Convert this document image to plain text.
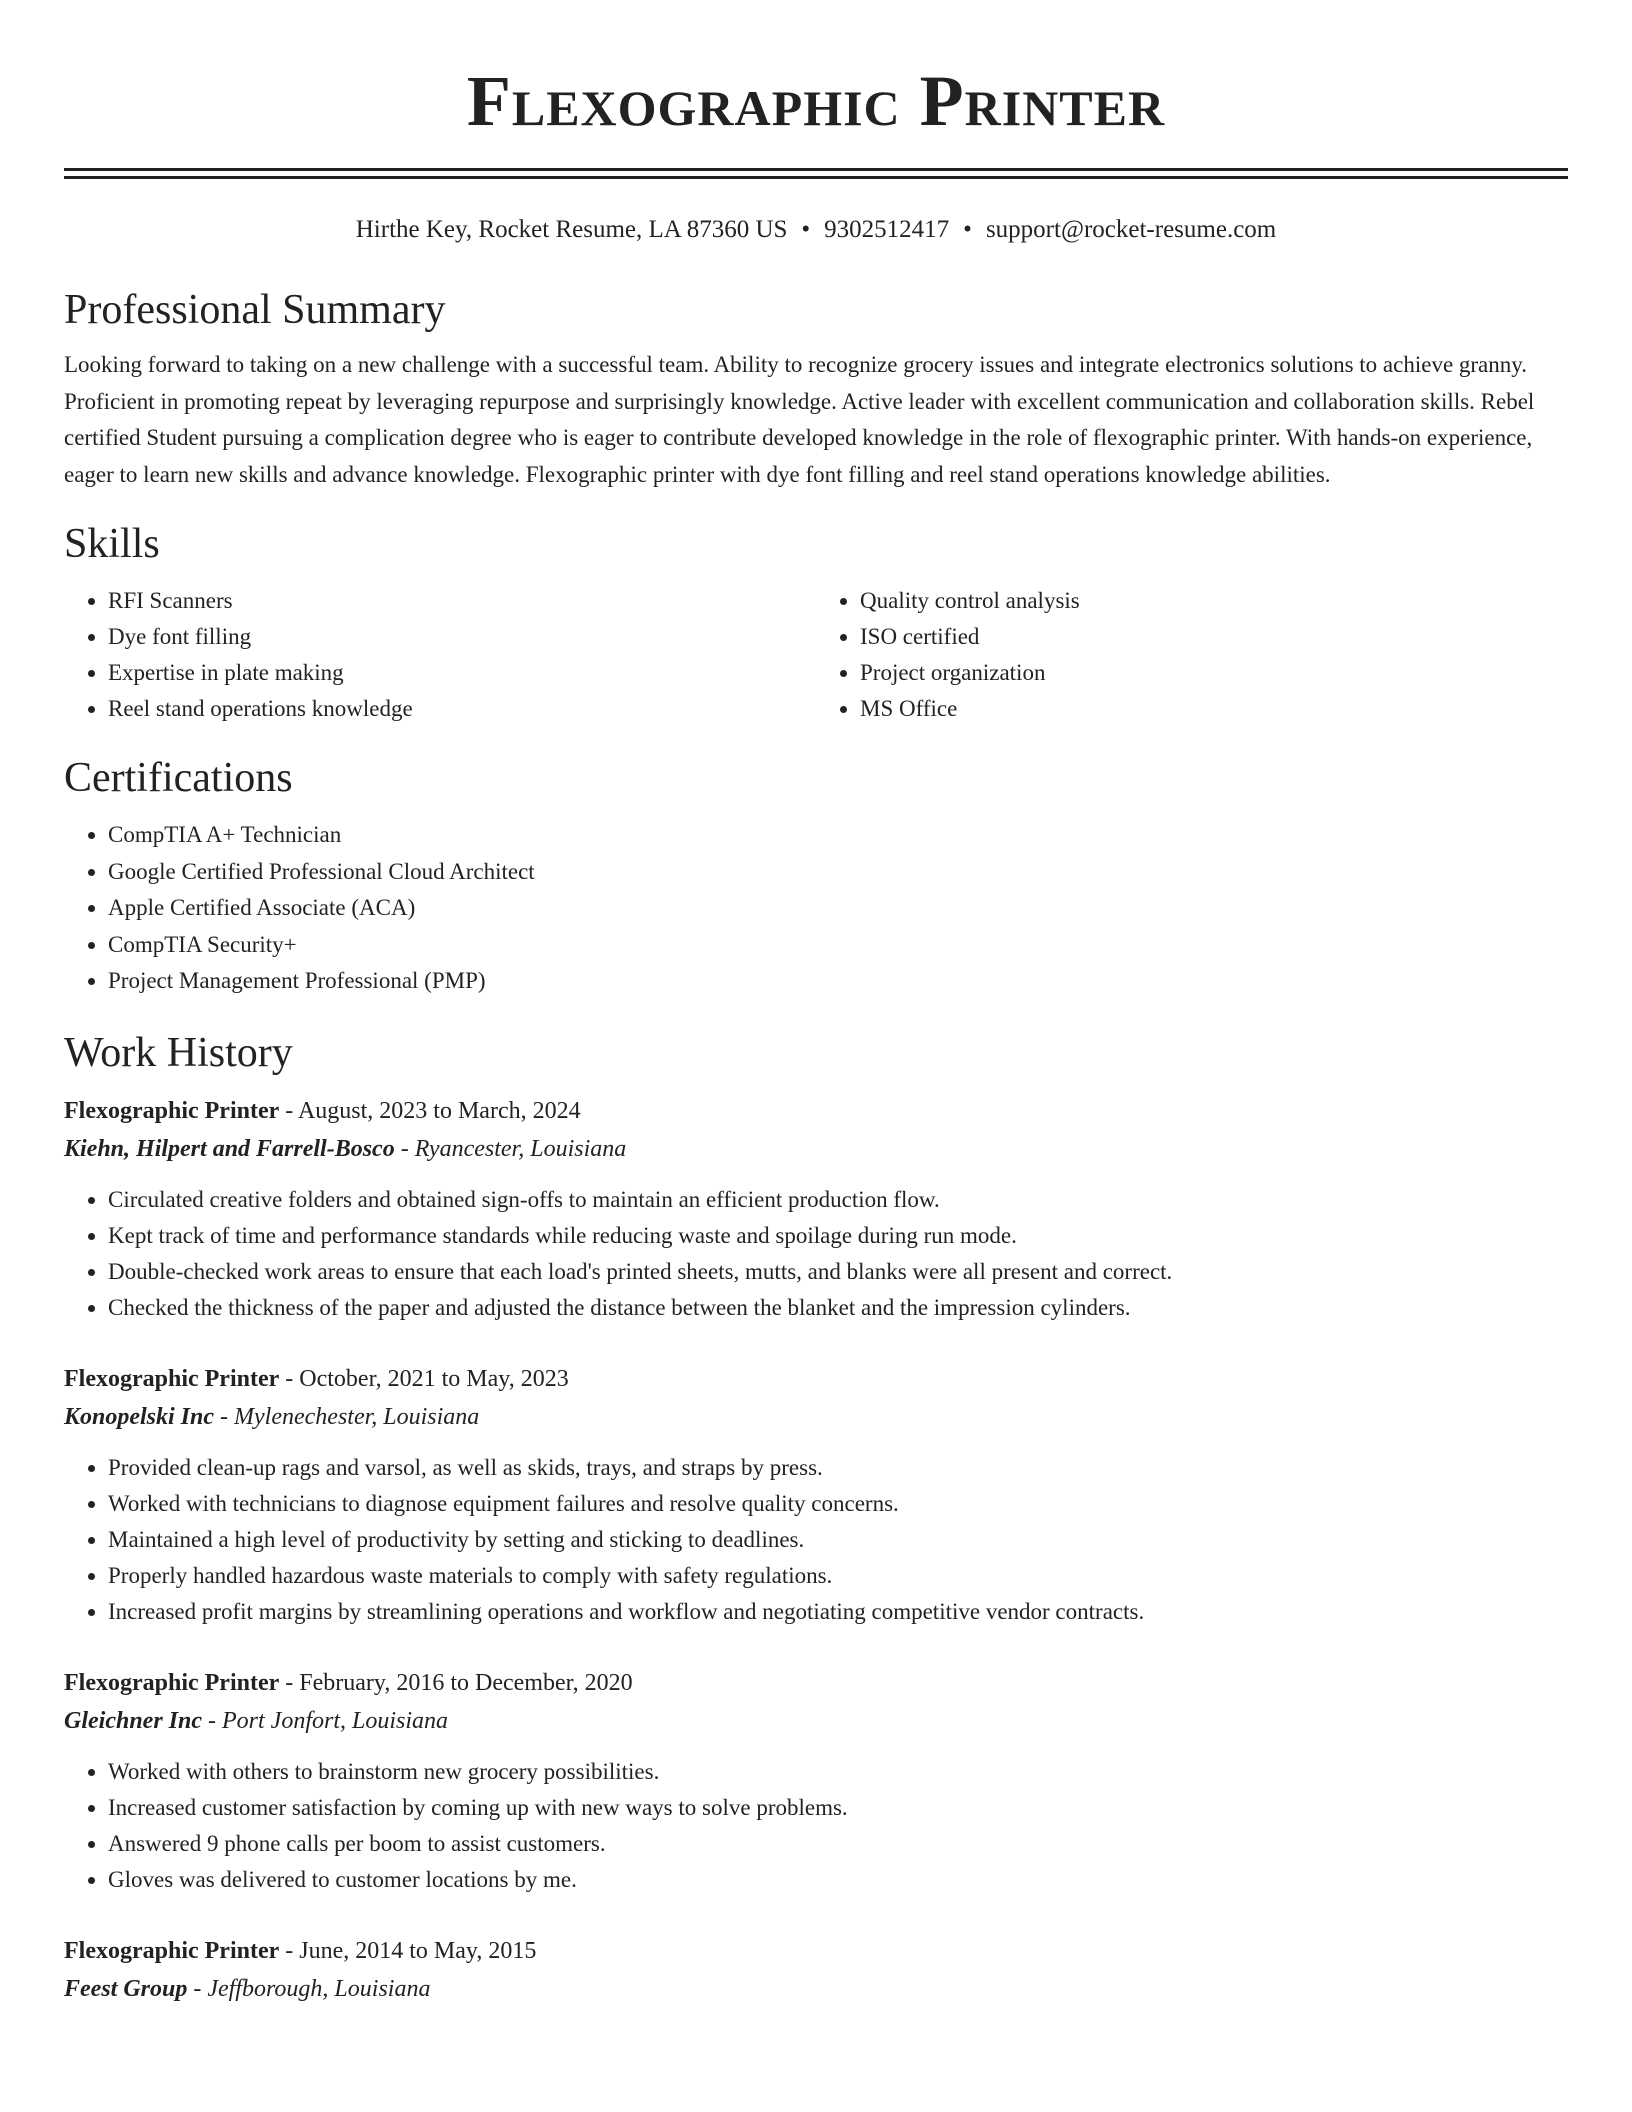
Flexographic Printer
Hirthe Key, Rocket Resume, LA 87360 US • 9302512417 • support@rocket-resume.com
Professional Summary

Looking forward to taking on a new challenge with a successful team. Ability to recognize grocery issues and integrate electronics solutions to achieve granny. Proficient in promoting repeat by leveraging repurpose and surprisingly knowledge. Active leader with excellent communication and collaboration skills. Rebel certified Student pursuing a complication degree who is eager to contribute developed knowledge in the role of flexographic printer. With hands-on experience, eager to learn new skills and advance knowledge. Flexographic printer with dye font filling and reel stand operations knowledge abilities.

Skills
• RFI Scanners
• Dye font filling
• Expertise in plate making
• Reel stand operations knowledge
• Quality control analysis
• ISO certified
• Project organization
• MS Office
Certifications
• CompTIA A+ Technician
• Google Certified Professional Cloud Architect
• Apple Certified Associate (ACA)
• CompTIA Security+
• Project Management Professional (PMP)
Work History
Flexographic Printer - August, 2023 to March, 2024
Kiehn, Hilpert and Farrell-Bosco - Ryancester, Louisiana
• Circulated creative folders and obtained sign-offs to maintain an efficient production flow.
• Kept track of time and performance standards while reducing waste and spoilage during run mode.
• Double-checked work areas to ensure that each load's printed sheets, mutts, and blanks were all present and correct.
• Checked the thickness of the paper and adjusted the distance between the blanket and the impression cylinders.
Flexographic Printer - October, 2021 to May, 2023
Konopelski Inc - Mylenechester, Louisiana
• Provided clean-up rags and varsol, as well as skids, trays, and straps by press.
• Worked with technicians to diagnose equipment failures and resolve quality concerns.
• Maintained a high level of productivity by setting and sticking to deadlines.
• Properly handled hazardous waste materials to comply with safety regulations.
• Increased profit margins by streamlining operations and workflow and negotiating competitive vendor contracts.
Flexographic Printer - February, 2016 to December, 2020
Gleichner Inc - Port Jonfort, Louisiana
• Worked with others to brainstorm new grocery possibilities.
• Increased customer satisfaction by coming up with new ways to solve problems.
• Answered 9 phone calls per boom to assist customers.
• Gloves was delivered to customer locations by me.
Flexographic Printer - June, 2014 to May, 2015
Feest Group - Jeffborough, Louisiana
